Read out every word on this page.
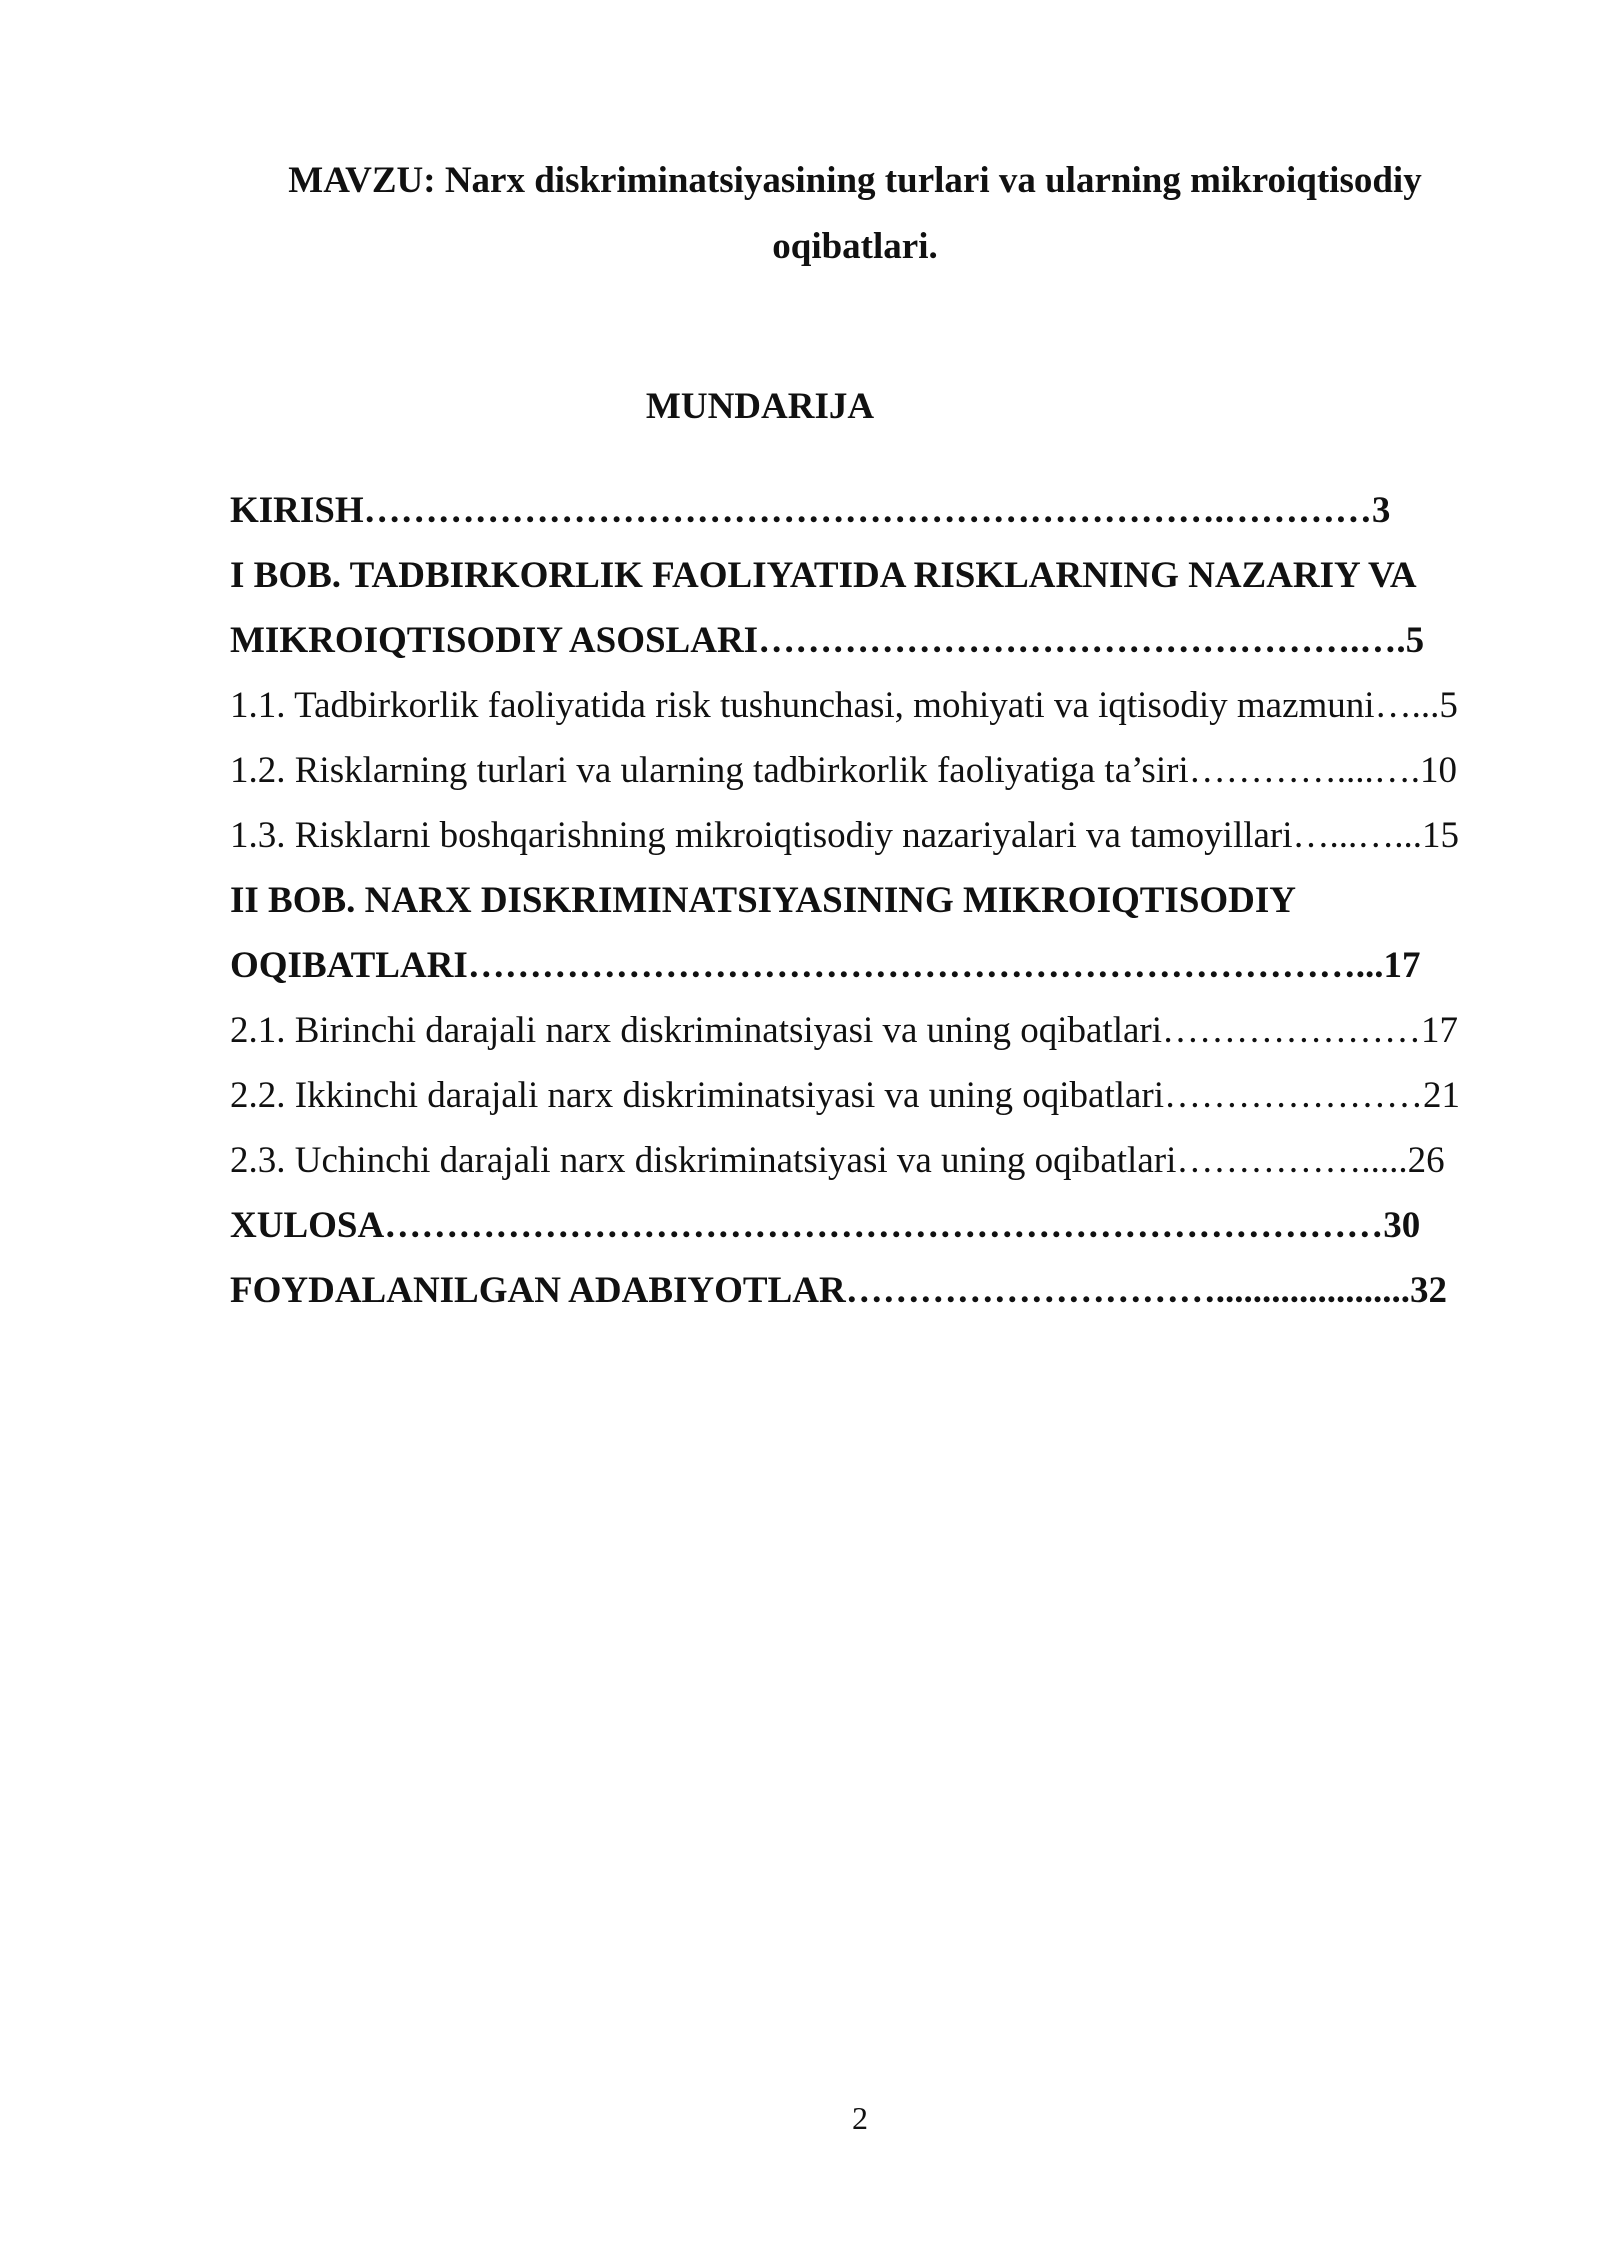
MAVZU: Narx diskriminatsiyasining turlari va ularning mikroiqtisodiy
oqibatlari.
MUNDARIJA
KIRISH…………………………………………………………….…………3
I BOB. TADBIRKORLIK FAOLIYATIDA RISKLARNING NAZARIY VA
MIKROIQTISODIY ASOSLARI………………………………………….….5
1.1. Tadbirkorlik faoliyatida risk tushunchasi, mohiyati va iqtisodiy mazmuni…...5
1.2. Risklarning turlari va ularning tadbirkorlik faoliyatiga ta’siri…………....….10
1.3. Risklarni boshqarishning mikroiqtisodiy nazariyalari va tamoyillari…...…...15
II BOB. NARX DISKRIMINATSIYASINING MIKROIQTISODIY
OQIBATLARI………………………………………………………………...17
2.1. Birinchi darajali narx diskriminatsiyasi va uning oqibatlari…………………17
2.2. Ikkinchi darajali narx diskriminatsiyasi va uning oqibatlari…………………21
2.3. Uchinchi darajali narx diskriminatsiyasi va uning oqibatlari…………….....26
XULOSA………………………………………………………………………30
FOYDALANILGAN ADABIYOTLAR………………………….....................32
2
